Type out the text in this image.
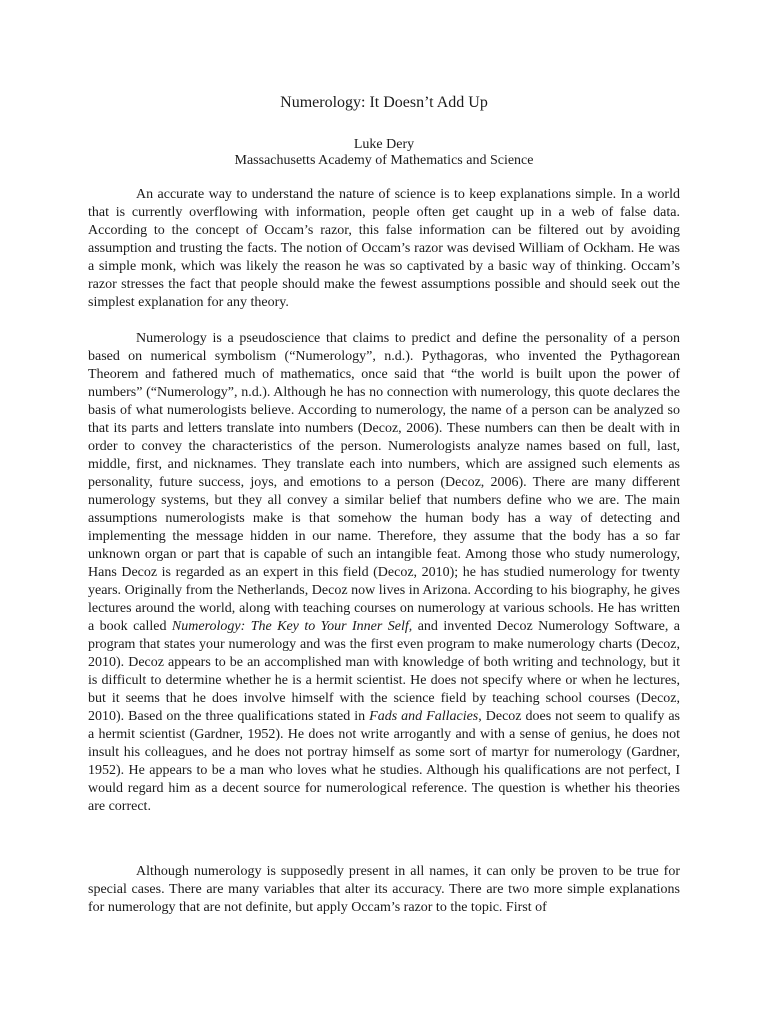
Numerology: It Doesn’t Add Up
Luke Dery
Massachusetts Academy of Mathematics and Science

An accurate way to understand the nature of science is to keep explanations simple. In a world that is currently overflowing with information, people often get caught up in a web of false data. According to the concept of Occam’s razor, this false information can be filtered out by avoiding assumption and trusting the facts. The notion of Occam’s razor was devised William of Ockham. He was a simple monk, which was likely the reason he was so captivated by a basic way of thinking. Occam’s razor stresses the fact that people should make the fewest assumptions possible and should seek out the simplest explanation for any theory.

Numerology is a pseudoscience that claims to predict and define the personality of a person based on numerical symbolism (“Numerology”, n.d.). Pythagoras, who invented the Pythagorean Theorem and fathered much of mathematics, once said that “the world is built upon the power of numbers” (“Numerology”, n.d.). Although he has no connection with numerology, this quote declares the basis of what numerologists believe. According to numerology, the name of a person can be analyzed so that its parts and letters translate into numbers (Decoz, 2006). These numbers can then be dealt with in order to convey the characteristics of the person. Numerologists analyze names based on full, last, middle, first, and nicknames. They translate each into numbers, which are assigned such elements as personality, future success, joys, and emotions to a person (Decoz, 2006). There are many different numerology systems, but they all convey a similar belief that numbers define who we are. The main assumptions numerologists make is that somehow the human body has a way of detecting and implementing the message hidden in our name. Therefore, they assume that the body has a so far unknown organ or part that is capable of such an intangible feat. Among those who study numerology, Hans Decoz is regarded as an expert in this field (Decoz, 2010); he has studied numerology for twenty years. Originally from the Netherlands, Decoz now lives in Arizona. According to his biography, he gives lectures around the world, along with teaching courses on numerology at various schools. He has written a book called Numerology: The Key to Your Inner Self, and invented Decoz Numerology Software, a program that states your numerology and was the first even program to make numerology charts (Decoz, 2010). Decoz appears to be an accomplished man with knowledge of both writing and technology, but it is difficult to determine whether he is a hermit scientist. He does not specify where or when he lectures, but it seems that he does involve himself with the science field by teaching school courses (Decoz, 2010). Based on the three qualifications stated in Fads and Fallacies, Decoz does not seem to qualify as a hermit scientist (Gardner, 1952). He does not write arrogantly and with a sense of genius, he does not insult his colleagues, and he does not portray himself as some sort of martyr for numerology (Gardner, 1952). He appears to be a man who loves what he studies. Although his qualifications are not perfect, I would regard him as a decent source for numerological reference. The question is whether his theories are correct.

Although numerology is supposedly present in all names, it can only be proven to be true for special cases. There are many variables that alter its accuracy. There are two more simple explanations for numerology that are not definite, but apply Occam’s razor to the topic. First of
